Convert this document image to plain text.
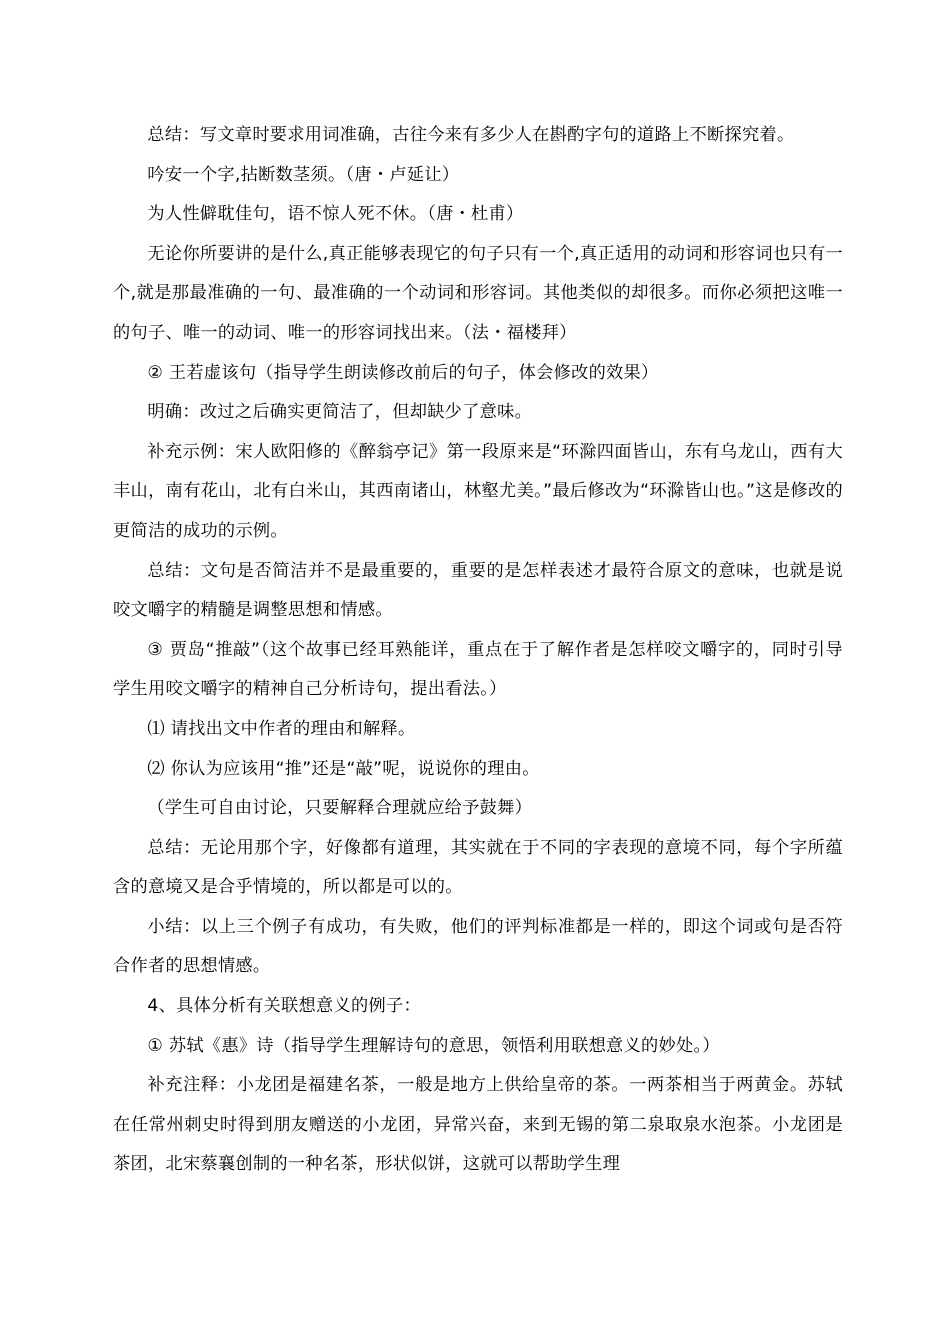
总结：写文章时要求用词准确，古往今来有多少人在斟酌字句的道路上不断探究着。

吟安一个字,拈断数茎须。（唐・卢延让）

为人性僻耽佳句，语不惊人死不休。（唐・杜甫）

无论你所要讲的是什么,真正能够表现它的句子只有一个,真正适用的动词和形容词也只有一个,就是那最准确的一句、最准确的一个动词和形容词。其他类似的却很多。而你必须把这唯一的句子、唯一的动词、唯一的形容词找出来。（法・福楼拜）

② 王若虚该句（指导学生朗读修改前后的句子，体会修改的效果）

明确：改过之后确实更简洁了，但却缺少了意味。

补充示例：宋人欧阳修的《醉翁亭记》第一段原来是“环滁四面皆山，东有乌龙山，西有大丰山，南有花山，北有白米山，其西南诸山，林壑尤美。”最后修改为“环滁皆山也。”这是修改的更简洁的成功的示例。

总结：文句是否简洁并不是最重要的，重要的是怎样表述才最符合原文的意味，也就是说咬文嚼字的精髓是调整思想和情感。

③ 贾岛“推敲”（这个故事已经耳熟能详，重点在于了解作者是怎样咬文嚼字的，同时引导学生用咬文嚼字的精神自己分析诗句，提出看法。）

⑴ 请找出文中作者的理由和解释。

⑵ 你认为应该用“推”还是“敲”呢，说说你的理由。

（学生可自由讨论，只要解释合理就应给予鼓舞）

总结：无论用那个字，好像都有道理，其实就在于不同的字表现的意境不同，每个字所蕴含的意境又是合乎情境的，所以都是可以的。

小结：以上三个例子有成功，有失败，他们的评判标准都是一样的，即这个词或句是否符合作者的思想情感。

4、具体分析有关联想意义的例子：

① 苏轼《惠》诗（指导学生理解诗句的意思，领悟利用联想意义的妙处。）

补充注释：小龙团是福建名茶，一般是地方上供给皇帝的茶。一两茶相当于两黄金。苏轼在任常州刺史时得到朋友赠送的小龙团，异常兴奋，来到无锡的第二泉取泉水泡茶。小龙团是茶团，北宋蔡襄创制的一种名茶，形状似饼，这就可以帮助学生理
